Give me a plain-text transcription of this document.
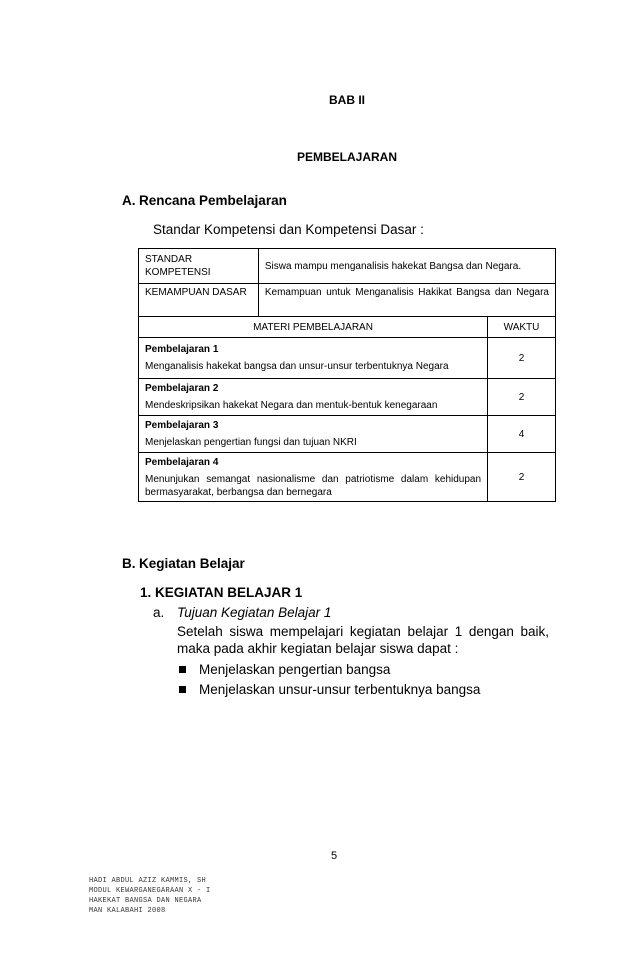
BAB II
PEMBELAJARAN
A. Rencana Pembelajaran
Standar Kompetensi dan Kompetensi Dasar :
STANDAR KOMPETENSI	Siswa mampu menganalisis hakekat Bangsa dan Negara.	
KEMAMPUAN DASAR	Kemampuan untuk Menganalisis Hakikat Bangsa dan Negara	
MATERI PEMBELAJARAN		WAKTU

Pembelajaran 1
Menganalisis hakekat bangsa dan unsur-unsur terbentuknya Negara		2

Pembelajaran 2
Mendeskripsikan hakekat Negara dan mentuk-bentuk kenegaraan		2

Pembelajaran 3
Menjelaskan pengertian fungsi dan tujuan NKRI		4

Pembelajaran 4
Menunjukan semangat nasionalisme dan patriotisme dalam kehidupan bermasyarakat, berbangsa dan bernegara		2
B. Kegiatan Belajar
1. KEGIATAN BELAJAR 1
a. Tujuan Kegiatan Belajar 1
Setelah siswa mempelajari kegiatan belajar 1 dengan baik, maka pada akhir kegiatan belajar siswa dapat :
Menjelaskan pengertian bangsa
Menjelaskan unsur-unsur terbentuknya bangsa
5
HADI ABDUL AZIZ KAMMIS, SH
MODUL KEWARGANEGARAAN X - I
HAKEKAT BANGSA DAN NEGARA
MAN KALABAHI 2008
